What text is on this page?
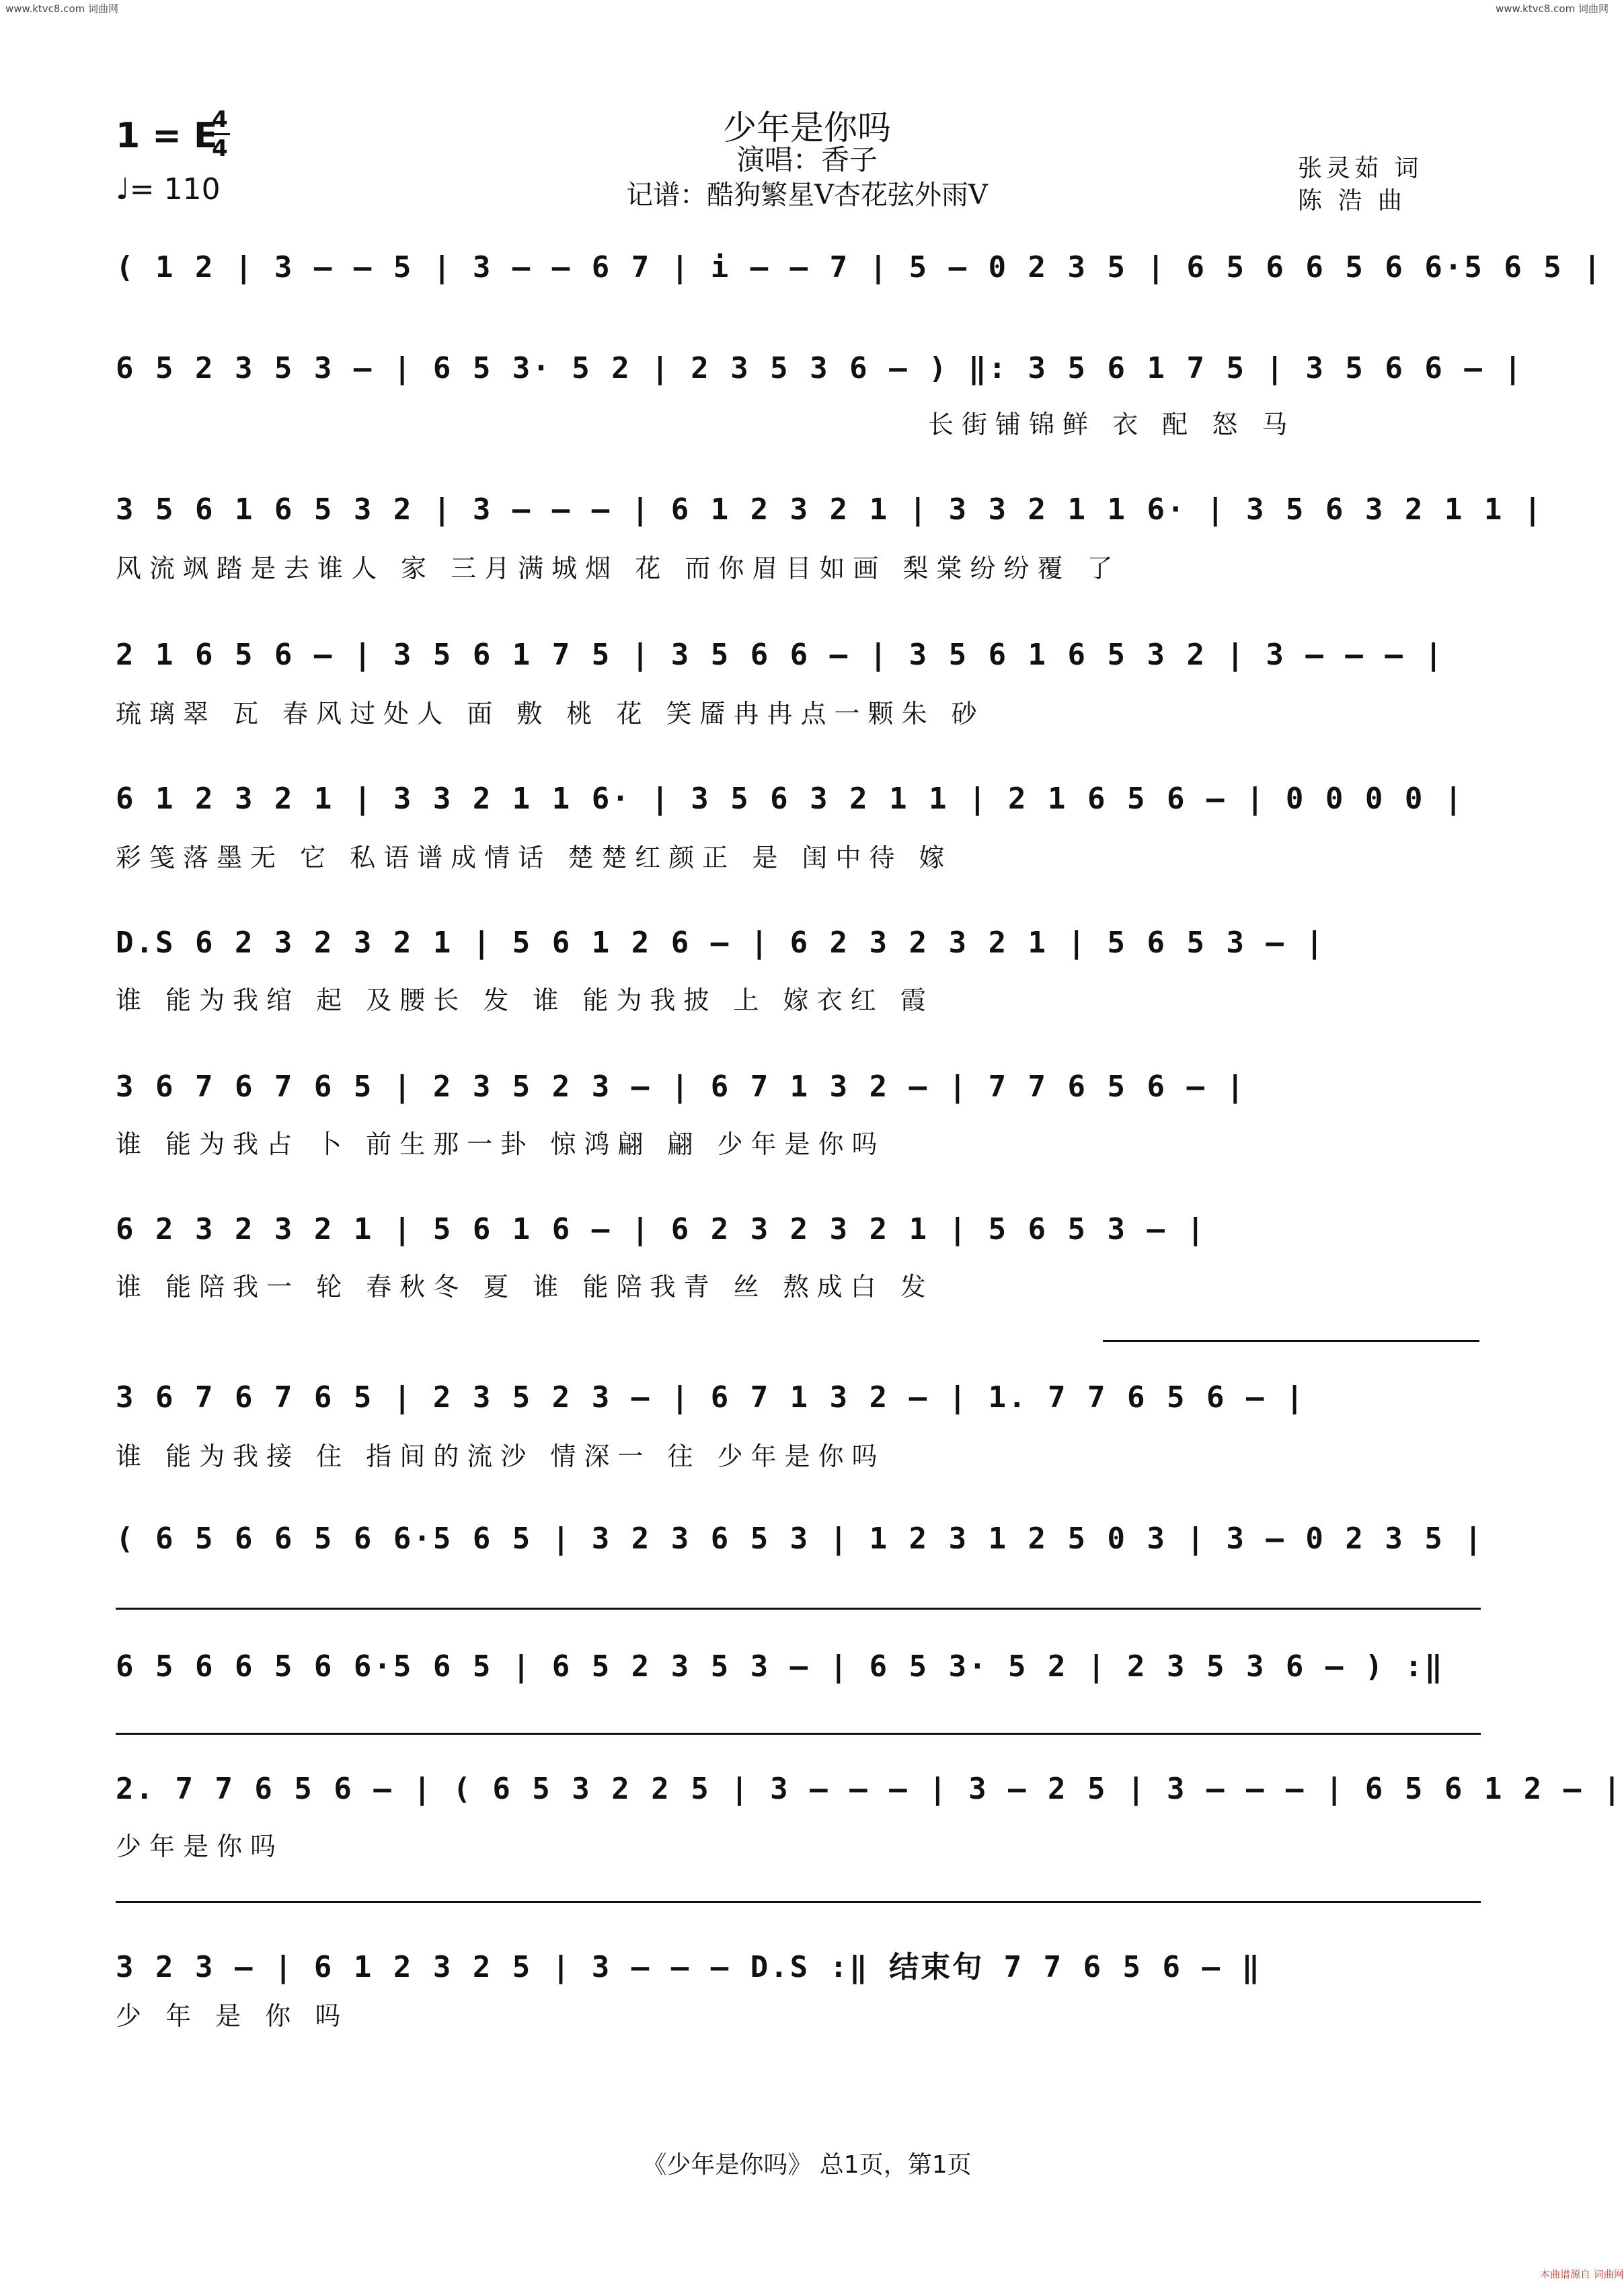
www.ktvc8.com 词曲网	www.ktvc8.com 词曲网
1 = E
4
4
♩= 110
少年是你吗
演唱：香子
记谱：酷狗繁星V杏花弦外雨V
张灵茹 词
陈 浩 曲
( 1 2 | 3 – – 5 | 3 – – 6 7 | i – – 7 | 5 – 0 2 3 5 | 6 5 6 6 5 6 6·5 6 5 |
6 5 2 3 5 3 – | 6 5 3· 5 2 | 2 3 5 3 6 – ) ‖: 3 5 6 1 7 5 | 3 5 6 6 – |
长街铺锦鲜 衣 配 怒 马
3 5 6 1 6 5 3 2 | 3 – – – | 6 1 2 3 2 1 | 3 3 2 1 1 6· | 3 5 6 3 2 1 1 |
风流飒踏是去谁人 家 三月满城烟 花 而你眉目如画 梨棠纷纷覆 了
2 1 6 5 6 – | 3 5 6 1 7 5 | 3 5 6 6 – | 3 5 6 1 6 5 3 2 | 3 – – – |
琉璃翠 瓦 春风过处人 面 敷 桃 花 笑靥冉冉点一颗朱 砂
6 1 2 3 2 1 | 3 3 2 1 1 6· | 3 5 6 3 2 1 1 | 2 1 6 5 6 – | 0 0 0 0 |
彩笺落墨无 它 私语谱成情话 楚楚红颜正 是 闺中待 嫁
D.S 6 2 3 2 3 2 1 | 5 6 1 2 6 – | 6 2 3 2 3 2 1 | 5 6 5 3 – |
谁 能为我绾 起 及腰长 发 谁 能为我披 上 嫁衣红 霞
3 6 7 6 7 6 5 | 2 3 5 2 3 – | 6 7 1 3 2 – | 7 7 6 5 6 – |
谁 能为我占 卜 前生那一卦 惊鸿翩 翩 少年是你吗
6 2 3 2 3 2 1 | 5 6 1 6 – | 6 2 3 2 3 2 1 | 5 6 5 3 – |
谁 能陪我一 轮 春秋冬 夏 谁 能陪我青 丝 熬成白 发
3 6 7 6 7 6 5 | 2 3 5 2 3 – | 6 7 1 3 2 – | 1. 7 7 6 5 6 – |
谁 能为我接 住 指间的流沙 情深一 往 少年是你吗
( 6 5 6 6 5 6 6·5 6 5 | 3 2 3 6 5 3 | 1 2 3 1 2 5 0 3 | 3 – 0 2 3 5 |
6 5 6 6 5 6 6·5 6 5 | 6 5 2 3 5 3 – | 6 5 3· 5 2 | 2 3 5 3 6 – ) :‖
2. 7 7 6 5 6 – | ( 6 5 3 2 2 5 | 3 – – – | 3 – 2 5 | 3 – – – | 6 5 6 1 2 – |
少年是你吗
3 2 3 – | 6 1 2 3 2 5 | 3 – – – D.S :‖ 结束句 7 7 6 5 6 – ‖
少 年 是 你 吗
《少年是你吗》 总1页，第1页
本曲谱源自 词曲网
